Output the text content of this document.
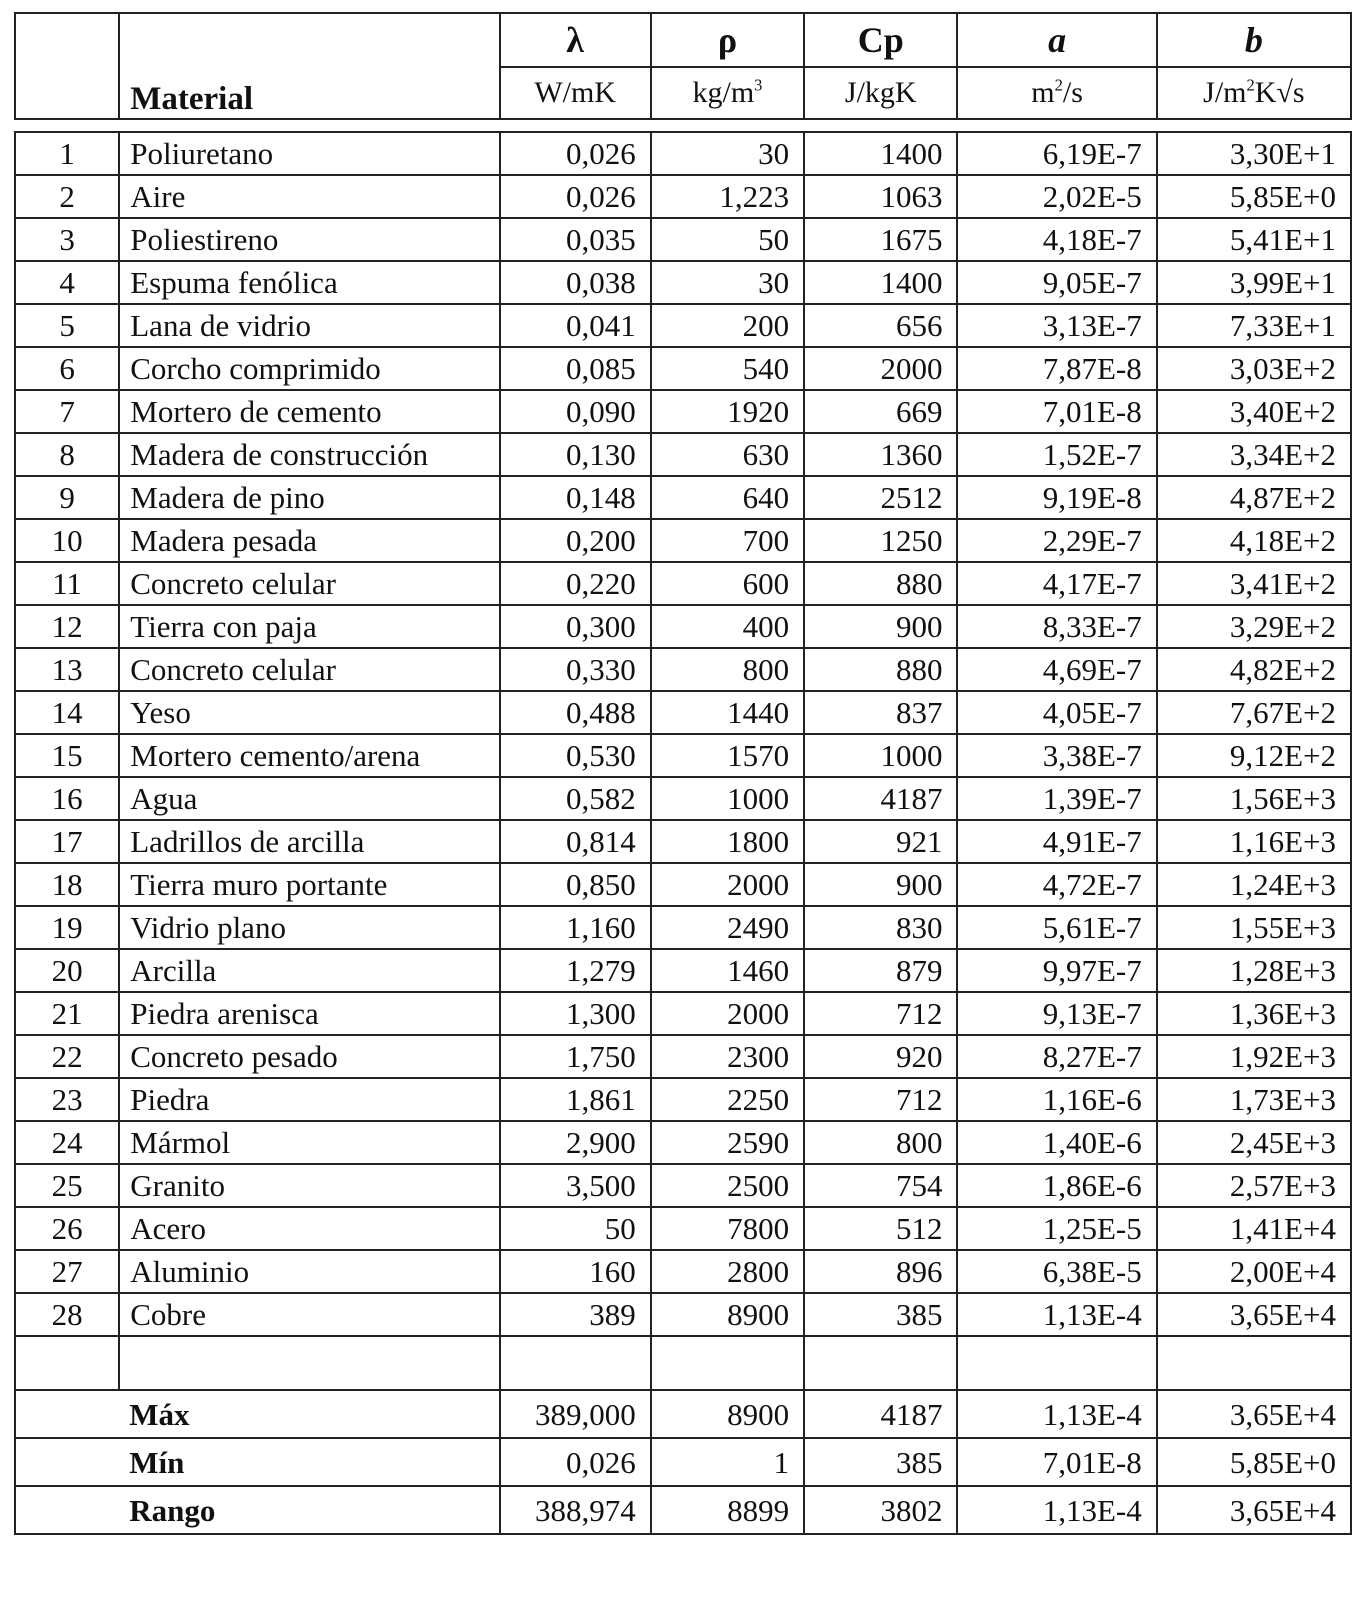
	Material	λ	ρ	Cp	a	b
		W/mK	$kg/m^3$	J/kgK	$m^2/s$	$J/m^2K√s$
1	Poliuretano	0,026	30	1400	6,19E-7	3,30E+1
2	Aire	0,026	1,223	1063	2,02E-5	5,85E+0
3	Poliestireno	0,035	50	1675	4,18E-7	5,41E+1
4	Espuma fenólica	0,038	30	1400	9,05E-7	3,99E+1
5	Lana de vidrio	0,041	200	656	3,13E-7	7,33E+1
6	Corcho comprimido	0,085	540	2000	7,87E-8	3,03E+2
7	Mortero de cemento	0,090	1920	669	7,01E-8	3,40E+2
8	Madera de construcción	0,130	630	1360	1,52E-7	3,34E+2
9	Madera de pino	0,148	640	2512	9,19E-8	4,87E+2
10	Madera pesada	0,200	700	1250	2,29E-7	4,18E+2
11	Concreto celular	0,220	600	880	4,17E-7	3,41E+2
12	Tierra con paja	0,300	400	900	8,33E-7	3,29E+2
13	Concreto celular	0,330	800	880	4,69E-7	4,82E+2
14	Yeso	0,488	1440	837	4,05E-7	7,67E+2
15	Mortero cemento/arena	0,530	1570	1000	3,38E-7	9,12E+2
16	Agua	0,582	1000	4187	1,39E-7	1,56E+3
17	Ladrillos de arcilla	0,814	1800	921	4,91E-7	1,16E+3
18	Tierra muro portante	0,850	2000	900	4,72E-7	1,24E+3
19	Vidrio plano	1,160	2490	830	5,61E-7	1,55E+3
20	Arcilla	1,279	1460	879	9,97E-7	1,28E+3
21	Piedra arenisca	1,300	2000	712	9,13E-7	1,36E+3
22	Concreto pesado	1,750	2300	920	8,27E-7	1,92E+3
23	Piedra	1,861	2250	712	1,16E-6	1,73E+3
24	Mármol	2,900	2590	800	1,40E-6	2,45E+3
25	Granito	3,500	2500	754	1,86E-6	2,57E+3
26	Acero	50	7800	512	1,25E-5	1,41E+4
27	Aluminio	160	2800	896	6,38E-5	2,00E+4
28	Cobre	389	8900	385	1,13E-4	3,65E+4

	Máx	389,000	8900	4187	1,13E-4	3,65E+4
	Mín	0,026	1	385	7,01E-8	5,85E+0
	Rango	388,974	8899	3802	1,13E-4	3,65E+4
